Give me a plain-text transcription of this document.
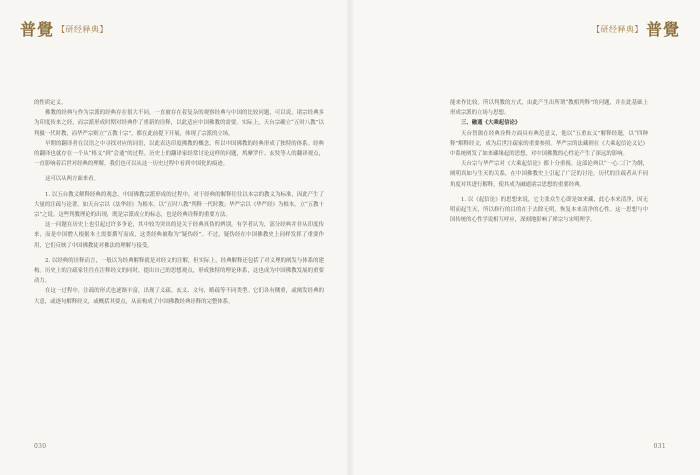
普覺 【研经释典】

的性质定义。

佛教的经典与作为宗派的经典存在很大不同，一直被存在着复杂的观察经典与中国的比较问题，可以说，诸宗经典多为印度传来之经，而宗派形成时期对经典作了重新的诠释，以此适应中国佛教的需要。实际上，天台宗确立“五时八教”以判摄一代时教，而华严宗则立“五教十宗”，都在此前提下开展，体现了宗派的立场。

早期的翻译者在汉语之中寻找对应的词语，以此表达印度佛教的概念，所以中国佛教的经典形成了独特的体系。经典的翻译也就存在一个从“格义”到“会通”的过程。历史上的翻译家经常讨论这样的问题，鸠摩罗什、玄奘等人的翻译观点，一直影响着后世对经典的理解，我们也可以从这一历史过程中看到中国化的痕迹。

这可以从两方面来看。

1. 以五台教义解释经典的观念，中国佛教宗派形成的过程中，对于经典的解释往往以本宗的教义为标准，因此产生了大量的注疏与论著。如天台宗以《法华经》为根本，以“五时八教”判释一代时教；华严宗以《华严经》为根本，立“五教十宗”之说。这些判教理论的出现，既是宗派成立的标志，也是经典诠释的重要方法。

这一问题在历史上也引起过许多争论，其中较为突出的是关于经典真伪的辨别。有学者认为，部分经典并非从印度传来，而是中国僧人根据本土需要撰写而成，这类经典被称为“疑伪经”。不过，疑伪经在中国佛教史上同样发挥了重要作用，它们反映了中国佛教徒对佛法的理解与接受。

2. 以经典的诠释而言，一般以为经典解释就是对经文的注解，但实际上，经典解释还包括了对义理的阐发与体系的建构。历史上的注疏家往往在注释经文的同时，提出自己的思想观点，形成独特的理论体系，这也成为中国佛教发展的重要动力。

在这一过程中，注疏的形式也逐渐丰富，出现了义疏、玄义、文句、略疏等不同类型。它们各有侧重，或阐发经典的大意，或逐句解释经文，或概括其要点，从而构成了中国佛教经典诠释的完整体系。

030
【研经释典】 普覺
031

能来作比较。所以判教的方式，由此产生出所谓“教相判释”的问题，并在此基础上形成宗派的立场与思想。

三、融通《大乘起信论》

天台智顗在经典诠释方面具有典范意义，他以“五重玄义”解释经题，以“四种释”解释经文，成为后世注疏家的重要参照。华严宗的法藏则在《大乘起信论义记》中系统阐发了如来藏缘起的思想，对中国佛教的心性论产生了深远的影响。

天台宗与华严宗对《大乘起信论》都十分重视。这部论典以“一心二门”为纲，阐明真如与生灭的关系，在中国佛教史上引起了广泛的讨论。历代的注疏者从不同角度对其进行解释，使其成为融通诸宗思想的重要经典。

1. 以《起信论》的思想来说，它主张众生心即是如来藏，此心本来清净，因无明而起生灭，所以修行的目的在于去除无明，恢复本来清净的心性。这一思想与中国传统的心性学说相互呼应，深刻地影响了禅宗与宋明理学。
